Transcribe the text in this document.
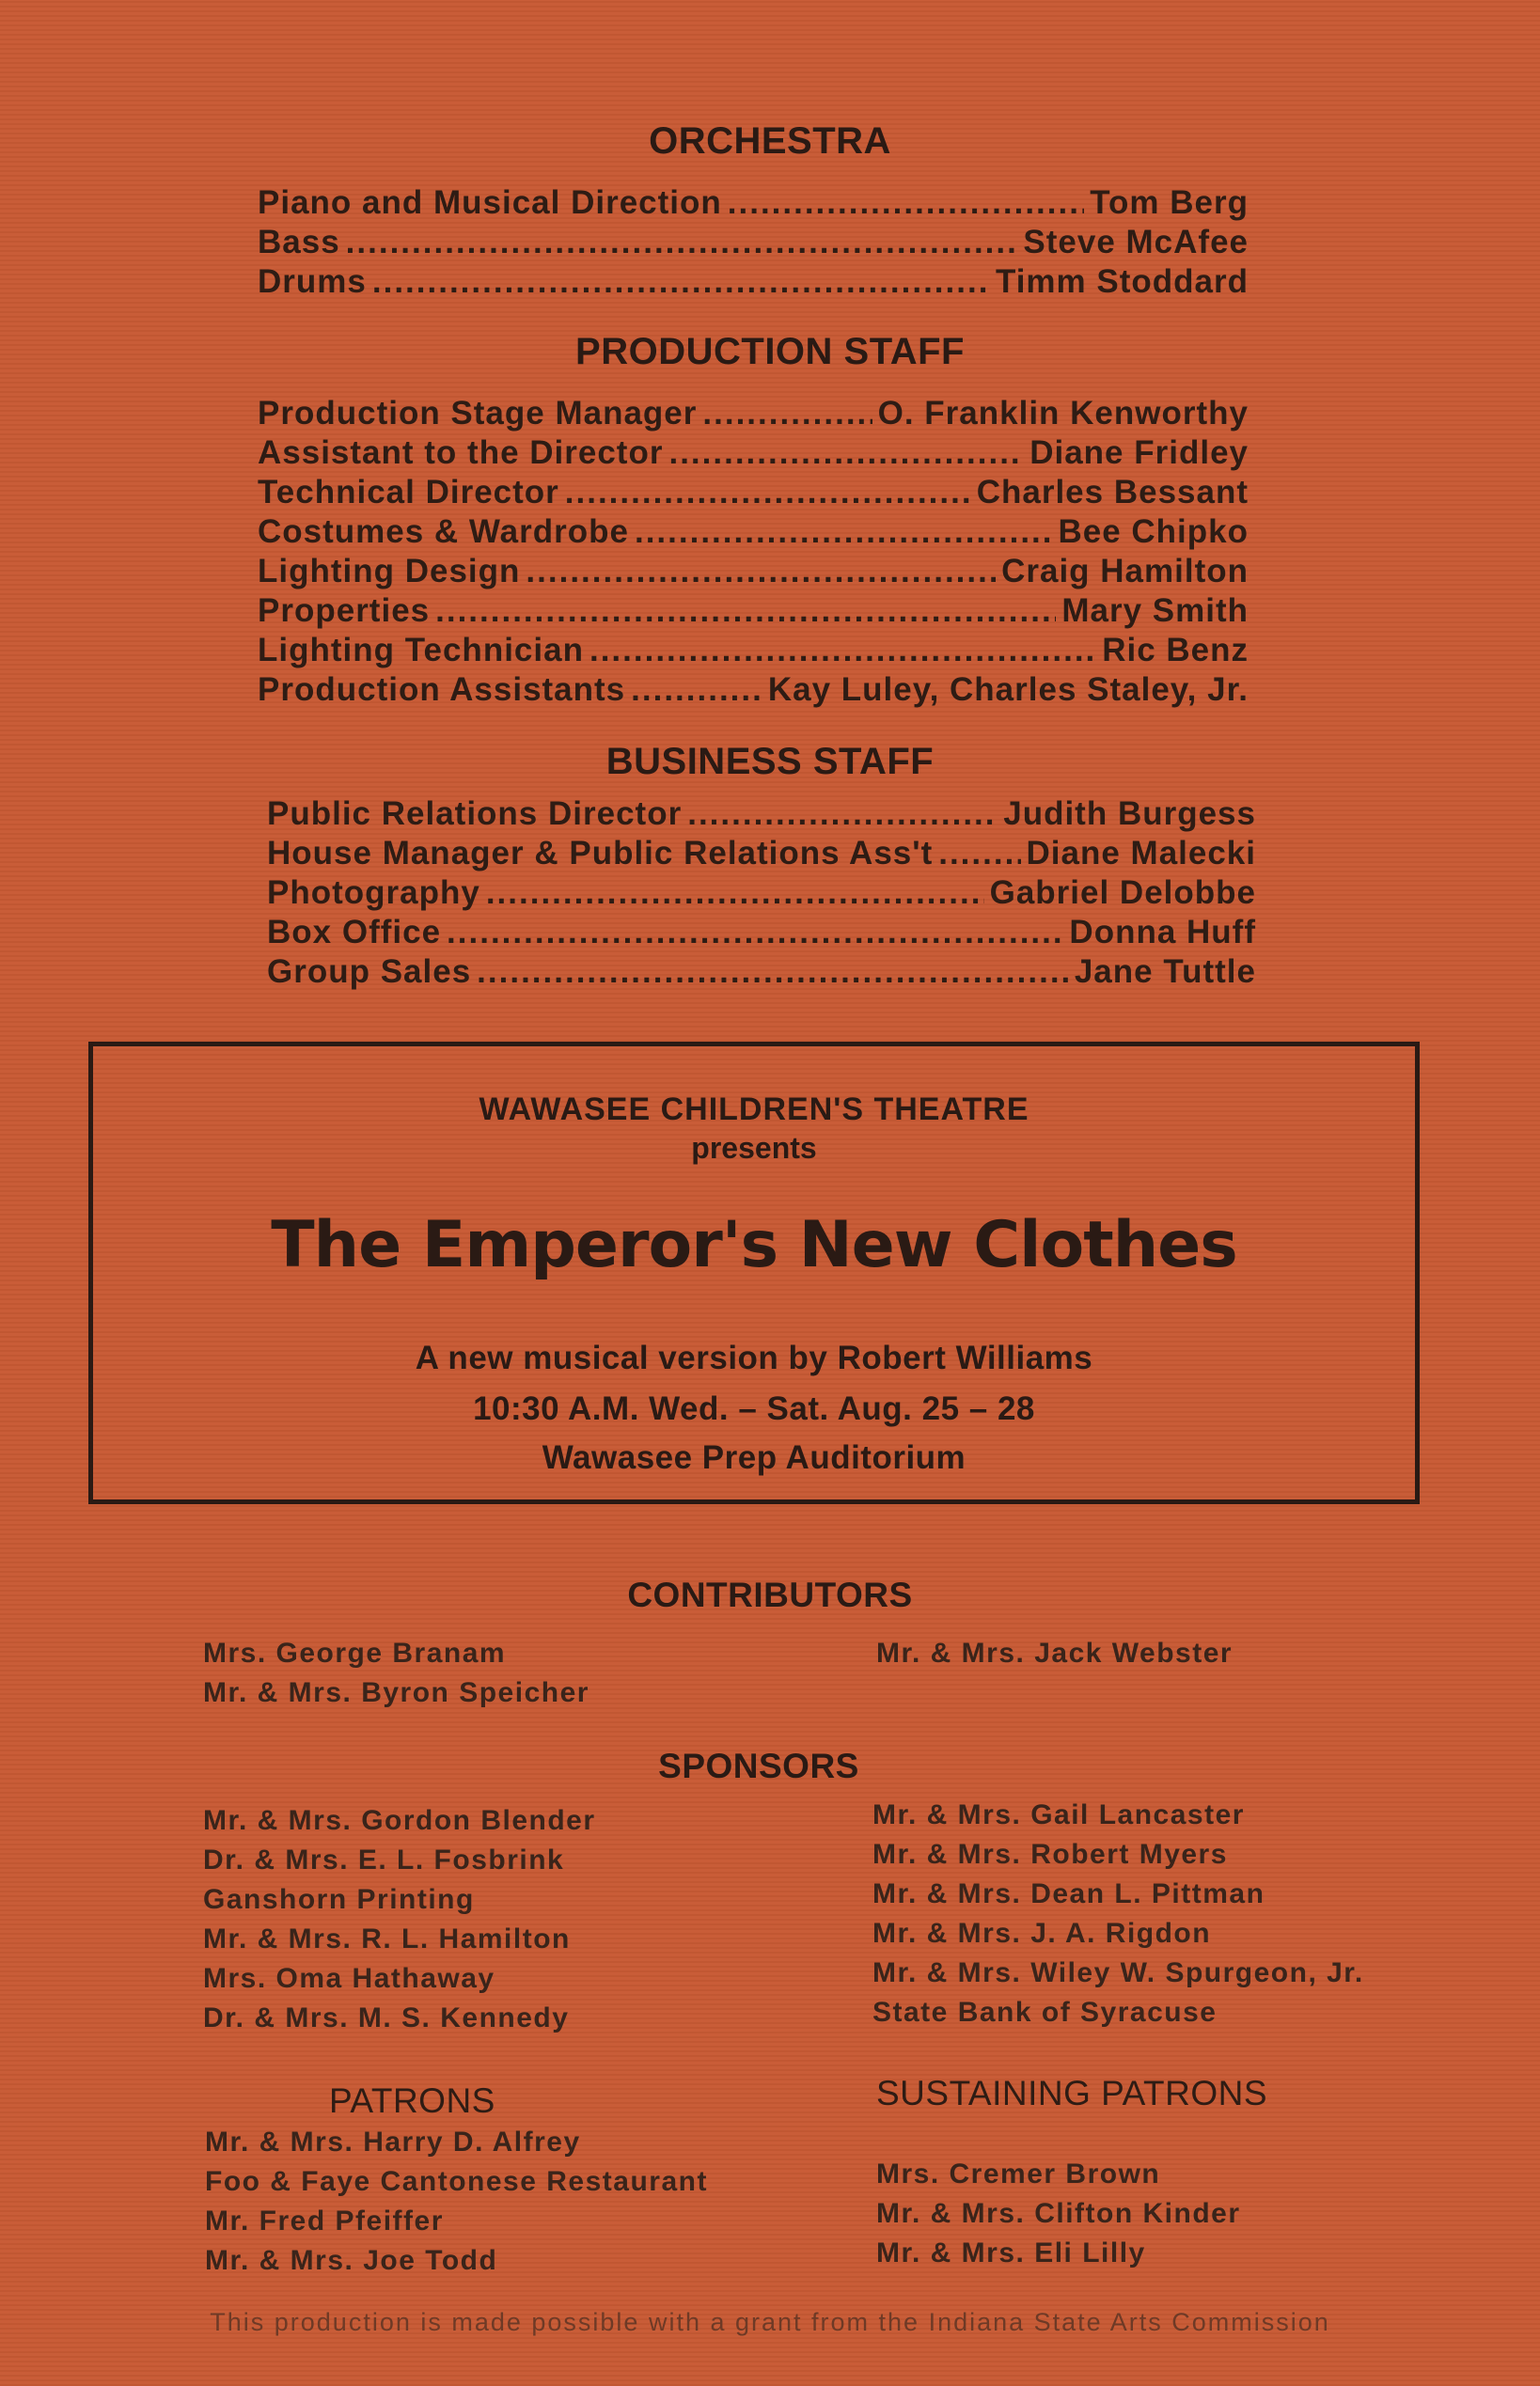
ORCHESTRA
Piano and Musical Direction .....	Tom Berg
Bass .....	Steve McAfee
Drums .....	Timm Stoddard
PRODUCTION STAFF
Production Stage Manager .....	O. Franklin Kenworthy
Assistant to the Director .....	Diane Fridley
Technical Director .....	Charles Bessant
Costumes & Wardrobe .....	Bee Chipko
Lighting Design .....	Craig Hamilton
Properties .....	Mary Smith
Lighting Technician .....	Ric Benz
Production Assistants .....	Kay Luley, Charles Staley, Jr.
BUSINESS STAFF
Public Relations Director .....	Judith Burgess
House Manager & Public Relations Ass't .....	Diane Malecki
Photography .....	Gabriel Delobbe
Box Office .....	Donna Huff
Group Sales .....	Jane Tuttle
WAWASEE CHILDREN'S THEATRE
presents
The Emperor's New Clothes
A new musical version by Robert Williams
10:30 A.M. Wed. – Sat. Aug. 25 – 28
Wawasee Prep Auditorium
CONTRIBUTORS
Mrs. George Branam
Mr. & Mrs. Byron Speicher
Mr. & Mrs. Jack Webster
SPONSORS
Mr. & Mrs. Gordon Blender
Dr. & Mrs. E. L. Fosbrink
Ganshorn Printing
Mr. & Mrs. R. L. Hamilton
Mrs. Oma Hathaway
Dr. & Mrs. M. S. Kennedy
Mr. & Mrs. Gail Lancaster
Mr. & Mrs. Robert Myers
Mr. & Mrs. Dean L. Pittman
Mr. & Mrs. J. A. Rigdon
Mr. & Mrs. Wiley W. Spurgeon, Jr.
State Bank of Syracuse
PATRONS
Mr. & Mrs. Harry D. Alfrey
Foo & Faye Cantonese Restaurant
Mr. Fred Pfeiffer
Mr. & Mrs. Joe Todd
SUSTAINING PATRONS
Mrs. Cremer Brown
Mr. & Mrs. Clifton Kinder
Mr. & Mrs. Eli Lilly
This production is made possible with a grant from the Indiana State Arts Commission
